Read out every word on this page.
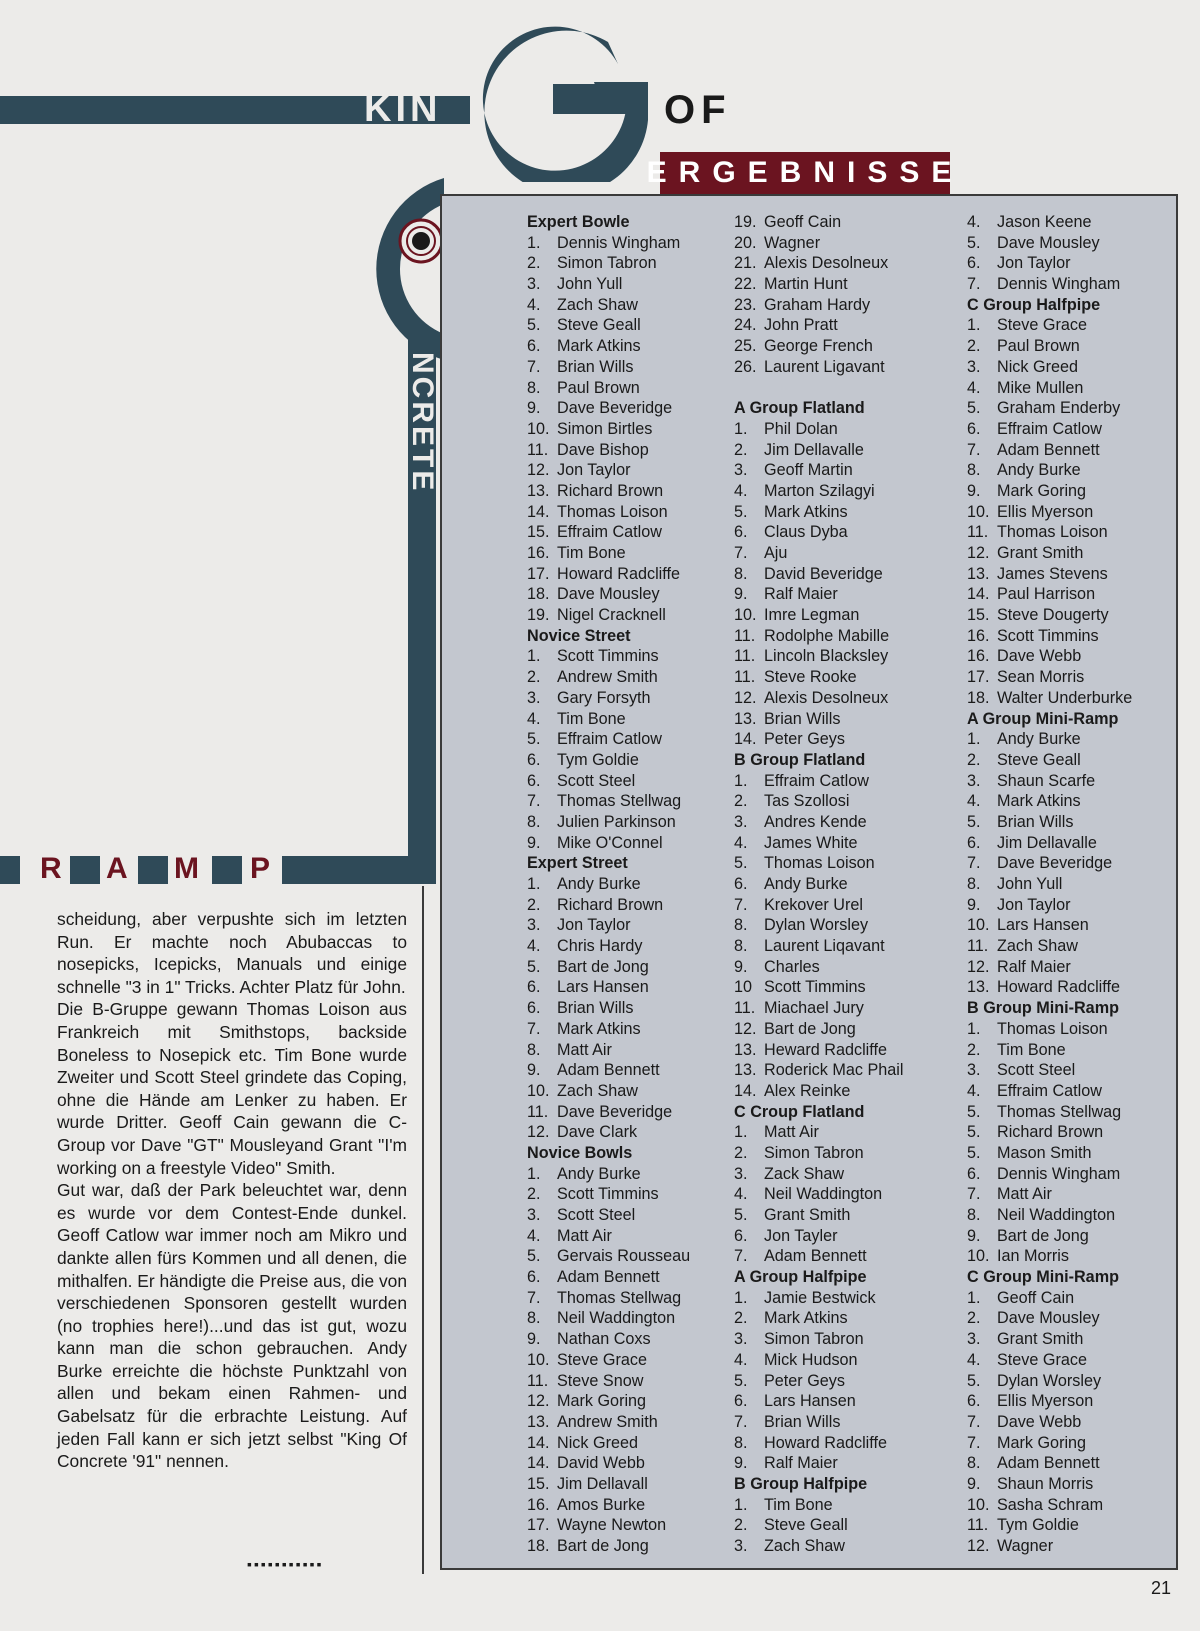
KIN	OF
ERGEBNISSE
NCRETE
R A M P
Expert Bowle
1. Dennis Wingham
2. Simon Tabron
3. John Yull
4. Zach Shaw
5. Steve Geall
6. Mark Atkins
7. Brian Wills
8. Paul Brown
9. Dave Beveridge
10. Simon Birtles
11. Dave Bishop
12. Jon Taylor
13. Richard Brown
14. Thomas Loison
15. Effraim Catlow
16. Tim Bone
17. Howard Radcliffe
18. Dave Mousley
19. Nigel Cracknell
Novice Street
1. Scott Timmins
2. Andrew Smith
3. Gary Forsyth
4. Tim Bone
5. Effraim Catlow
6. Tym Goldie
6. Scott Steel
7. Thomas Stellwag
8. Julien Parkinson
9. Mike O'Connel
Expert Street
1. Andy Burke
2. Richard Brown
3. Jon Taylor
4. Chris Hardy
5. Bart de Jong
6. Lars Hansen
6. Brian Wills
7. Mark Atkins
8. Matt Air
9. Adam Bennett
10. Zach Shaw
11. Dave Beveridge
12. Dave Clark
Novice Bowls
1. Andy Burke
2. Scott Timmins
3. Scott Steel
4. Matt Air
5. Gervais Rousseau
6. Adam Bennett
7. Thomas Stellwag
8. Neil Waddington
9. Nathan Coxs
10. Steve Grace
11. Steve Snow
12. Mark Goring
13. Andrew Smith
14. Nick Greed
14. David Webb
15. Jim Dellavall
16. Amos Burke
17. Wayne Newton
18. Bart de Jong
19. Geoff Cain
20. Wagner
21. Alexis Desolneux
22. Martin Hunt
23. Graham Hardy
24. John Pratt
25. George French
26. Laurent Ligavant
A Group Flatland
1. Phil Dolan
2. Jim Dellavalle
3. Geoff Martin
4. Marton Szilagyi
5. Mark Atkins
6. Claus Dyba
7. Aju
8. David Beveridge
9. Ralf Maier
10. Imre Legman
11. Rodolphe Mabille
11. Lincoln Blacksley
11. Steve Rooke
12. Alexis Desolneux
13. Brian Wills
14. Peter Geys
B Group Flatland
1. Effraim Catlow
2. Tas Szollosi
3. Andres Kende
4. James White
5. Thomas Loison
6. Andy Burke
7. Krekover Urel
8. Dylan Worsley
8. Laurent Liqavant
9. Charles
10 Scott Timmins
11. Miachael Jury
12. Bart de Jong
13. Heward Radcliffe
13. Roderick Mac Phail
14. Alex Reinke
C Croup Flatland
1. Matt Air
2. Simon Tabron
3. Zack Shaw
4. Neil Waddington
5. Grant Smith
6. Jon Tayler
7. Adam Bennett
A Group Halfpipe
1. Jamie Bestwick
2. Mark Atkins
3. Simon Tabron
4. Mick Hudson
5. Peter Geys
6. Lars Hansen
7. Brian Wills
8. Howard Radcliffe
9. Ralf Maier
B Group Halfpipe
1. Tim Bone
2. Steve Geall
3. Zach Shaw
4. Jason Keene
5. Dave Mousley
6. Jon Taylor
7. Dennis Wingham
C Group Halfpipe
1. Steve Grace
2. Paul Brown
3. Nick Greed
4. Mike Mullen
5. Graham Enderby
6. Effraim Catlow
7. Adam Bennett
8. Andy Burke
9. Mark Goring
10. Ellis Myerson
11. Thomas Loison
12. Grant Smith
13. James Stevens
14. Paul Harrison
15. Steve Dougerty
16. Scott Timmins
16. Dave Webb
17. Sean Morris
18. Walter Underburke
A Group Mini-Ramp
1. Andy Burke
2. Steve Geall
3. Shaun Scarfe
4. Mark Atkins
5. Brian Wills
6. Jim Dellavalle
7. Dave Beveridge
8. John Yull
9. Jon Taylor
10. Lars Hansen
11. Zach Shaw
12. Ralf Maier
13. Howard Radcliffe
B Group Mini-Ramp
1. Thomas Loison
2. Tim Bone
3. Scott Steel
4. Effraim Catlow
5. Thomas Stellwag
5. Richard Brown
5. Mason Smith
6. Dennis Wingham
7. Matt Air
8. Neil Waddington
9. Bart de Jong
10. Ian Morris
C Group Mini-Ramp
1. Geoff Cain
2. Dave Mousley
3. Grant Smith
4. Steve Grace
5. Dylan Worsley
6. Ellis Myerson
7. Dave Webb
7. Mark Goring
8. Adam Bennett
9. Shaun Morris
10. Sasha Schram
11. Tym Goldie
12. Wagner

scheidung, aber verpushte sich im letzten Run. Er machte noch Abubaccas to nosepicks, Icepicks, Manuals und einige schnelle "3 in 1" Tricks. Achter Platz für John.

Die B-Gruppe gewann Thomas Loison aus Frankreich mit Smithstops, backside Boneless to Nosepick etc. Tim Bone wurde Zweiter und Scott Steel grindete das Coping, ohne die Hände am Lenker zu haben. Er wurde Dritter. Geoff Cain gewann die C-Group vor Dave "GT" Mousleyand Grant "I'm working on a freestyle Video" Smith.

Gut war, daß der Park beleuchtet war, denn es wurde vor dem Contest-Ende dunkel. Geoff Catlow war immer noch am Mikro und dankte allen fürs Kommen und all denen, die mithalfen. Er händigte die Preise aus, die von verschiedenen Sponsoren gestellt wurden (no trophies here!)...und das ist gut, wozu kann man die schon gebrauchen. Andy Burke erreichte die höchste Punktzahl von allen und bekam einen Rahmen- und Gabelsatz für die erbrachte Leistung. Auf jeden Fall kann er sich jetzt selbst "King Of Concrete '91" nennen.

▪▪▪▪▪▪▪▪▪▪▪
21
